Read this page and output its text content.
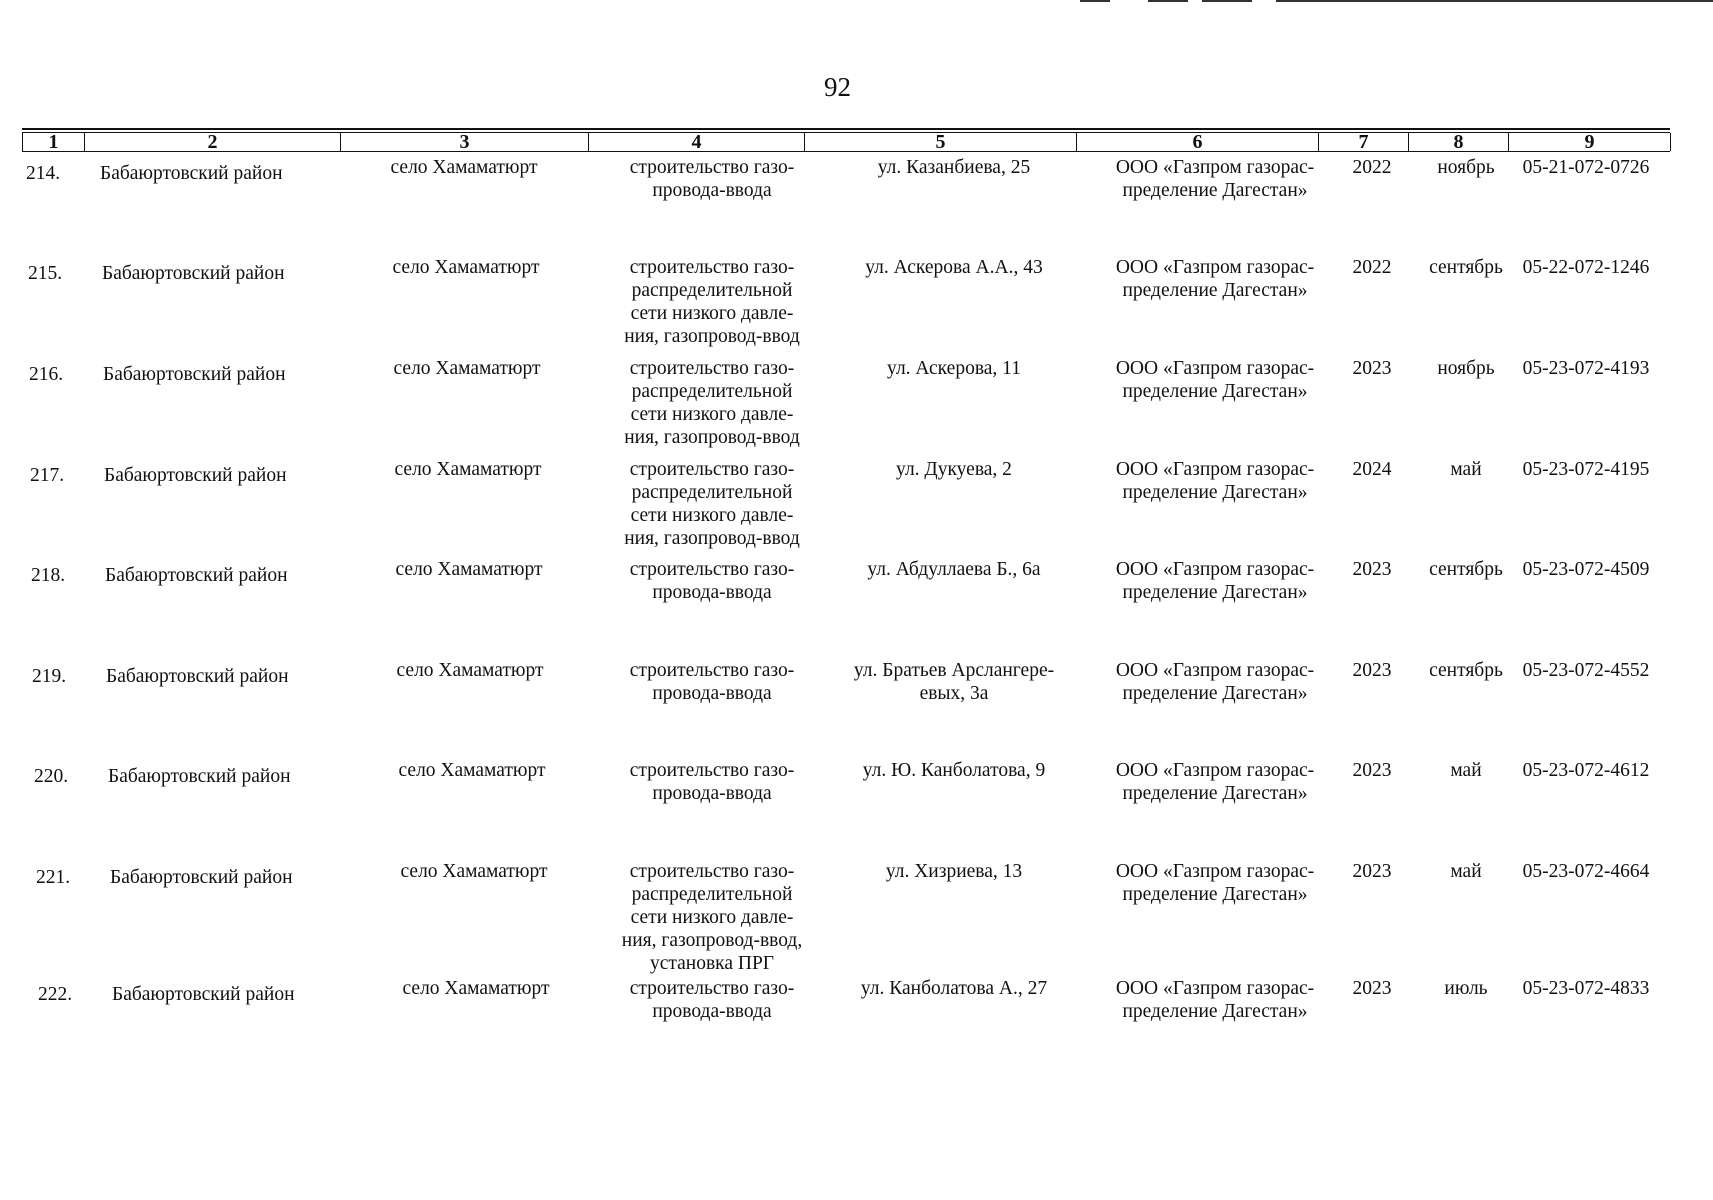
92
1	2	3	4	5	6	7	8	9
214.	Бабаюртовский район	село Хамаматюрт	строительство газо-
провода-ввода
ул. Казанбиева, 25	ООО «Газпром газорас-
пределение Дагестан»
2022	ноябрь	05-21-072-0726
215.	Бабаюртовский район	село Хамаматюрт	строительство газо-
распределительной
сети низкого давле-
ния, газопровод-ввод
ул. Аскерова А.А., 43	ООО «Газпром газорас-
пределение Дагестан»
2022	сентябрь	05-22-072-1246
216.	Бабаюртовский район	село Хамаматюрт	строительство газо-
распределительной
сети низкого давле-
ния, газопровод-ввод
ул. Аскерова, 11	ООО «Газпром газорас-
пределение Дагестан»
2023	ноябрь	05-23-072-4193
217.	Бабаюртовский район	село Хамаматюрт	строительство газо-
распределительной
сети низкого давле-
ния, газопровод-ввод
ул. Дукуева, 2	ООО «Газпром газорас-
пределение Дагестан»
2024	май	05-23-072-4195
218.	Бабаюртовский район	село Хамаматюрт	строительство газо-
провода-ввода
ул. Абдуллаева Б., 6а	ООО «Газпром газорас-
пределение Дагестан»
2023	сентябрь	05-23-072-4509
219.	Бабаюртовский район	село Хамаматюрт	строительство газо-
провода-ввода
ул. Братьев Арслангере-
евых, 3а
ООО «Газпром газорас-
пределение Дагестан»
2023	сентябрь	05-23-072-4552
220.	Бабаюртовский район	село Хамаматюрт	строительство газо-
провода-ввода
ул. Ю. Канболатова, 9	ООО «Газпром газорас-
пределение Дагестан»
2023	май	05-23-072-4612
221.	Бабаюртовский район	село Хамаматюрт	строительство газо-
распределительной
сети низкого давле-
ния, газопровод-ввод,
установка ПРГ
ул. Хизриева, 13	ООО «Газпром газорас-
пределение Дагестан»
2023	май	05-23-072-4664
222.	Бабаюртовский район	село Хамаматюрт	строительство газо-
провода-ввода
ул. Канболатова А., 27	ООО «Газпром газорас-
пределение Дагестан»
2023	июль	05-23-072-4833
